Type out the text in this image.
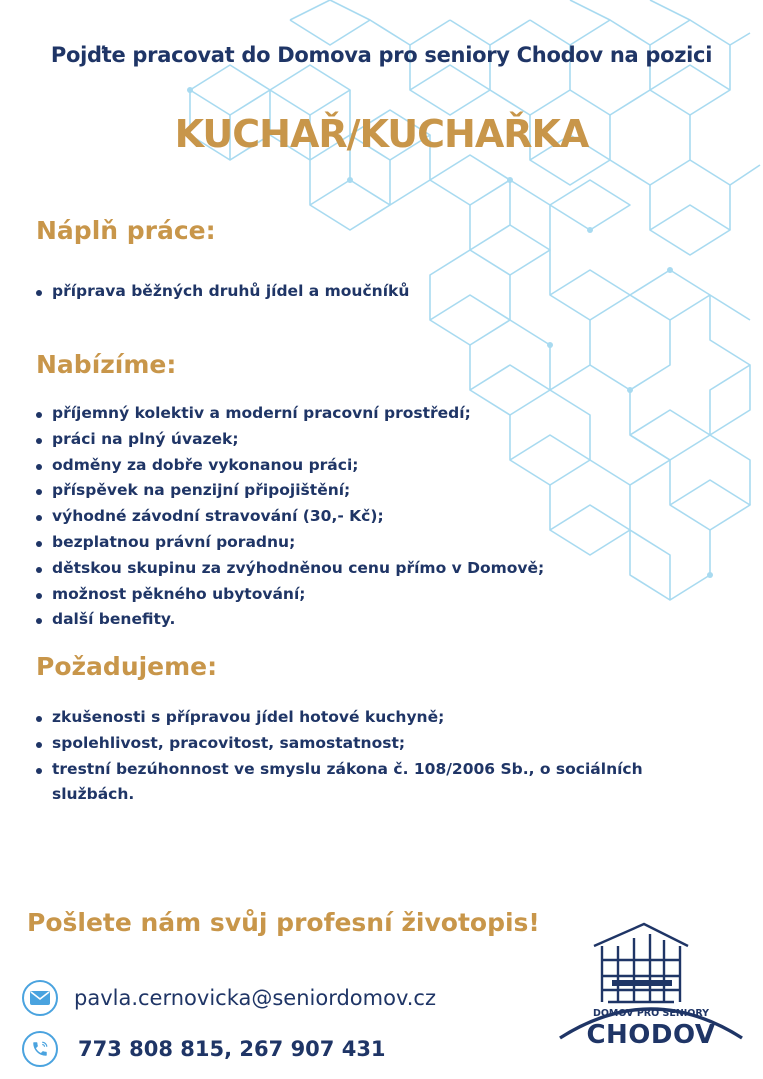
Pojďte pracovat do Domova pro seniory Chodov na pozici
KUCHAŘ/KUCHAŘKA
Náplň práce:
příprava běžných druhů jídel a moučníků
Nabízíme:
příjemný kolektiv a moderní pracovní prostředí;
práci na plný úvazek;
odměny za dobře vykonanou práci;
příspěvek na penzijní připojištění;
výhodné závodní stravování (30,- Kč);
bezplatnou právní poradnu;
dětskou skupinu za zvýhodněnou cenu přímo v Domově;
možnost pěkného ubytování;
další benefity.
Požadujeme:
zkušenosti s přípravou jídel hotové kuchyně;
spolehlivost, pracovitost, samostatnost;
trestní bezúhonnost ve smyslu zákona č. 108/2006 Sb., o sociálních
službách.
Pošlete nám svůj profesní životopis!
pavla.cernovicka@seniordomov.cz
773 808 815, 267 907 431
DOMOV PRO SENIORY
CHODOV
